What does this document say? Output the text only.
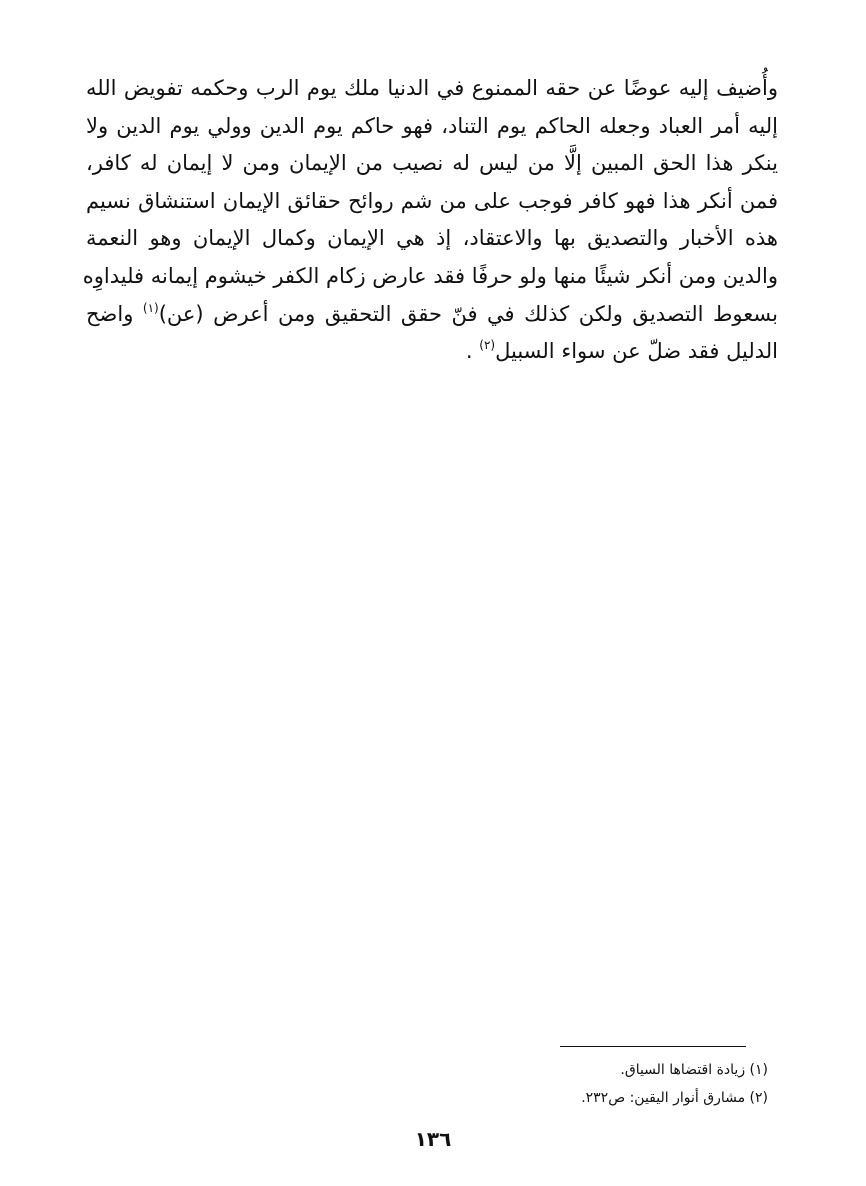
وأُضيف إليه عوضًا عن حقه الممنوع في الدنيا ملك يوم الرب وحكمه تفويض الله
إليه أمر العباد وجعله الحاكم يوم التناد، فهو حاكم يوم الدين وولي يوم الدين ولا
ينكر هذا الحق المبين إلَّا من ليس له نصيب من الإيمان ومن لا إيمان له كافر،
فمن أنكر هذا فهو كافر فوجب على من شم روائح حقائق الإيمان استنشاق نسيم
هذه الأخبار والتصديق بها والاعتقاد، إذ هي الإيمان وكمال الإيمان وهو النعمة
والدين ومن أنكر شيئًا منها ولو حرفًا فقد عارض زكام الكفر خيشوم إيمانه فليداوِه
بسعوط التصديق ولكن كذلك في فنّ حقق التحقيق ومن أعرض (عن)$^{(١)}$ واضح
الدليل فقد ضلّ عن سواء السبيل$^{(٢)}$ .
(١) زيادة اقتضاها السياق.
(٢) مشارق أنوار اليقين: ص٢٣٢.
١٣٦
